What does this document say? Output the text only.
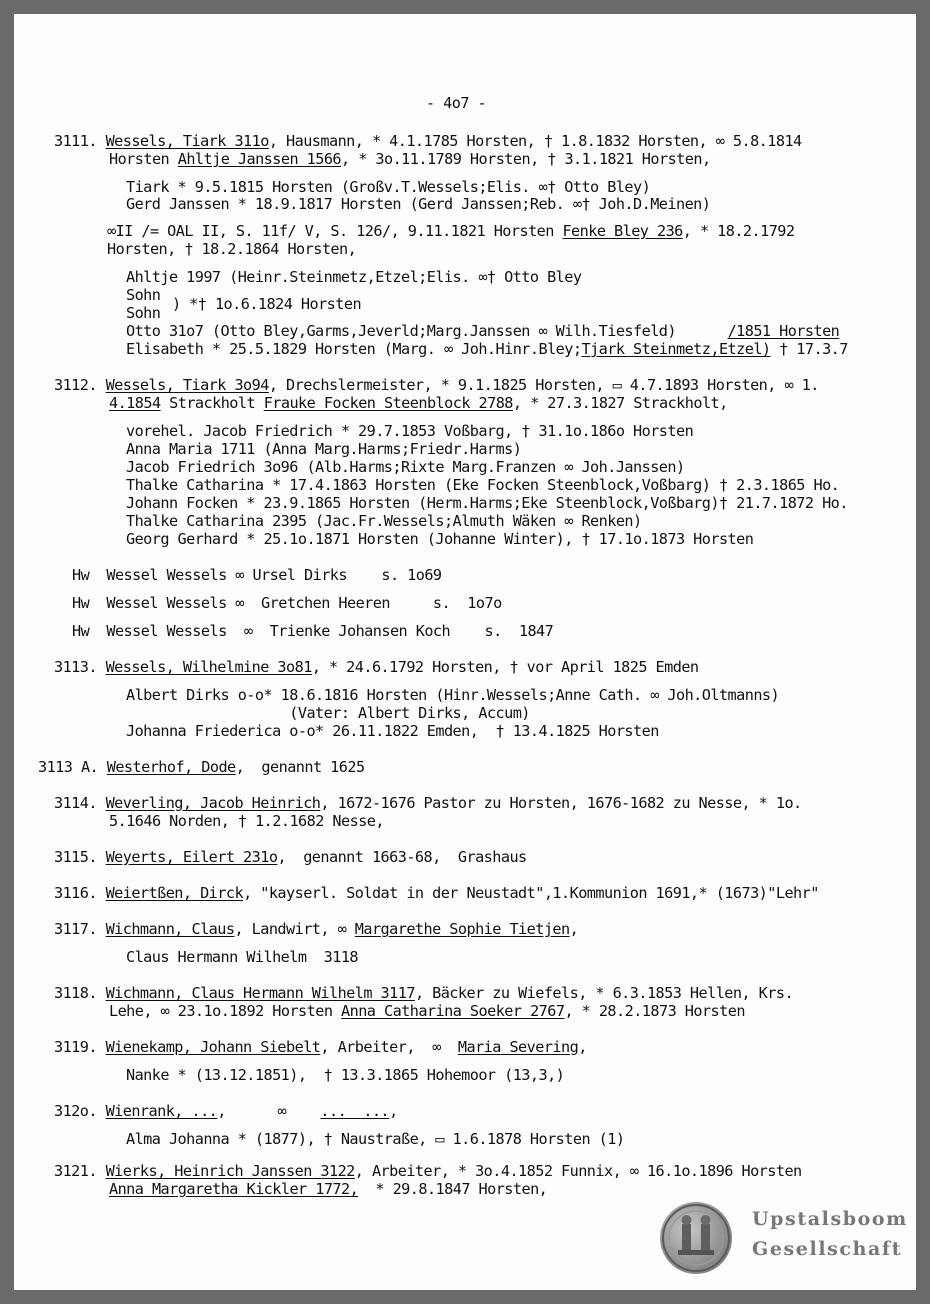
- 4o7 -
3111. Wessels, Tiark 311o, Hausmann, * 4.1.1785 Horsten, † 1.8.1832 Horsten, ∞ 5.8.1814
Horsten Ahltje Janssen 1566, * 3o.11.1789 Horsten, † 3.1.1821 Horsten,
Tiark * 9.5.1815 Horsten (Großv.T.Wessels;Elis. ∞† Otto Bley)
Gerd Janssen * 18.9.1817 Horsten (Gerd Janssen;Reb. ∞† Joh.D.Meinen)
∞II /= OAL II, S. 11f/ V, S. 126/, 9.11.1821 Horsten Fenke Bley 236, * 18.2.1792
Horsten, † 18.2.1864 Horsten,
Ahltje 1997 (Heinr.Steinmetz,Etzel;Elis. ∞† Otto Bley
Sohn
Sohn ) *† 1o.6.1824 Horsten
Otto 31o7 (Otto Bley,Garms,Jeverld;Marg.Janssen ∞ Wilh.Tiesfeld)      /1851 Horsten
Elisabeth * 25.5.1829 Horsten (Marg. ∞ Joh.Hinr.Bley;Tjark Steinmetz,Etzel) † 17.3.7
3112. Wessels, Tiark 3o94, Drechslermeister, * 9.1.1825 Horsten, ▭ 4.7.1893 Horsten, ∞ 1.
4.1854 Strackholt Frauke Focken Steenblock 2788, * 27.3.1827 Strackholt,
vorehel. Jacob Friedrich * 29.7.1853 Voßbarg, † 31.1o.186o Horsten
Anna Maria 1711 (Anna Marg.Harms;Friedr.Harms)
Jacob Friedrich 3o96 (Alb.Harms;Rixte Marg.Franzen ∞ Joh.Janssen)
Thalke Catharina * 17.4.1863 Horsten (Eke Focken Steenblock,Voßbarg) † 2.3.1865 Ho.
Johann Focken * 23.9.1865 Horsten (Herm.Harms;Eke Steenblock,Voßbarg)† 21.7.1872 Ho.
Thalke Catharina 2395 (Jac.Fr.Wessels;Almuth Wäken ∞ Renken)
Georg Gerhard * 25.1o.1871 Horsten (Johanne Winter), † 17.1o.1873 Horsten
Hw  Wessel Wessels ∞ Ursel Dirks    s. 1o69
Hw  Wessel Wessels ∞  Gretchen Heeren     s.  1o7o
Hw  Wessel Wessels  ∞  Trienke Johansen Koch    s.  1847
3113. Wessels, Wilhelmine 3o81, * 24.6.1792 Horsten, † vor April 1825 Emden
Albert Dirks o-o* 18.6.1816 Horsten (Hinr.Wessels;Anne Cath. ∞ Joh.Oltmanns)
(Vater: Albert Dirks, Accum)
Johanna Friederica o-o* 26.11.1822 Emden,  † 13.4.1825 Horsten
3113 A. Westerhof, Dode,  genannt 1625
3114. Weverling, Jacob Heinrich, 1672-1676 Pastor zu Horsten, 1676-1682 zu Nesse, * 1o.
5.1646 Norden, † 1.2.1682 Nesse,
3115. Weyerts, Eilert 231o,  genannt 1663-68,  Grashaus
3116. Weiertßen, Dirck, "kayserl. Soldat in der Neustadt",1.Kommunion 1691,* (1673)"Lehr"
3117. Wichmann, Claus, Landwirt, ∞ Margarethe Sophie Tietjen,
Claus Hermann Wilhelm  3118
3118. Wichmann, Claus Hermann Wilhelm 3117, Bäcker zu Wiefels, * 6.3.1853 Hellen, Krs.
Lehe, ∞ 23.1o.1892 Horsten Anna Catharina Soeker 2767, * 28.2.1873 Horsten
3119. Wienekamp, Johann Siebelt, Arbeiter,  ∞  Maria Severing,
Nanke * (13.12.1851),  † 13.3.1865 Hohemoor (13,3,)
312o. Wienrank, ...,      ∞    ...  ...,
Alma Johanna * (1877), † Naustraße, ▭ 1.6.1878 Horsten (1)
3121. Wierks, Heinrich Janssen 3122, Arbeiter, * 3o.4.1852 Funnix, ∞ 16.1o.1896 Horsten
Anna Margaretha Kickler 1772,  * 29.8.1847 Horsten,
Upstalsboom
Gesellschaft
